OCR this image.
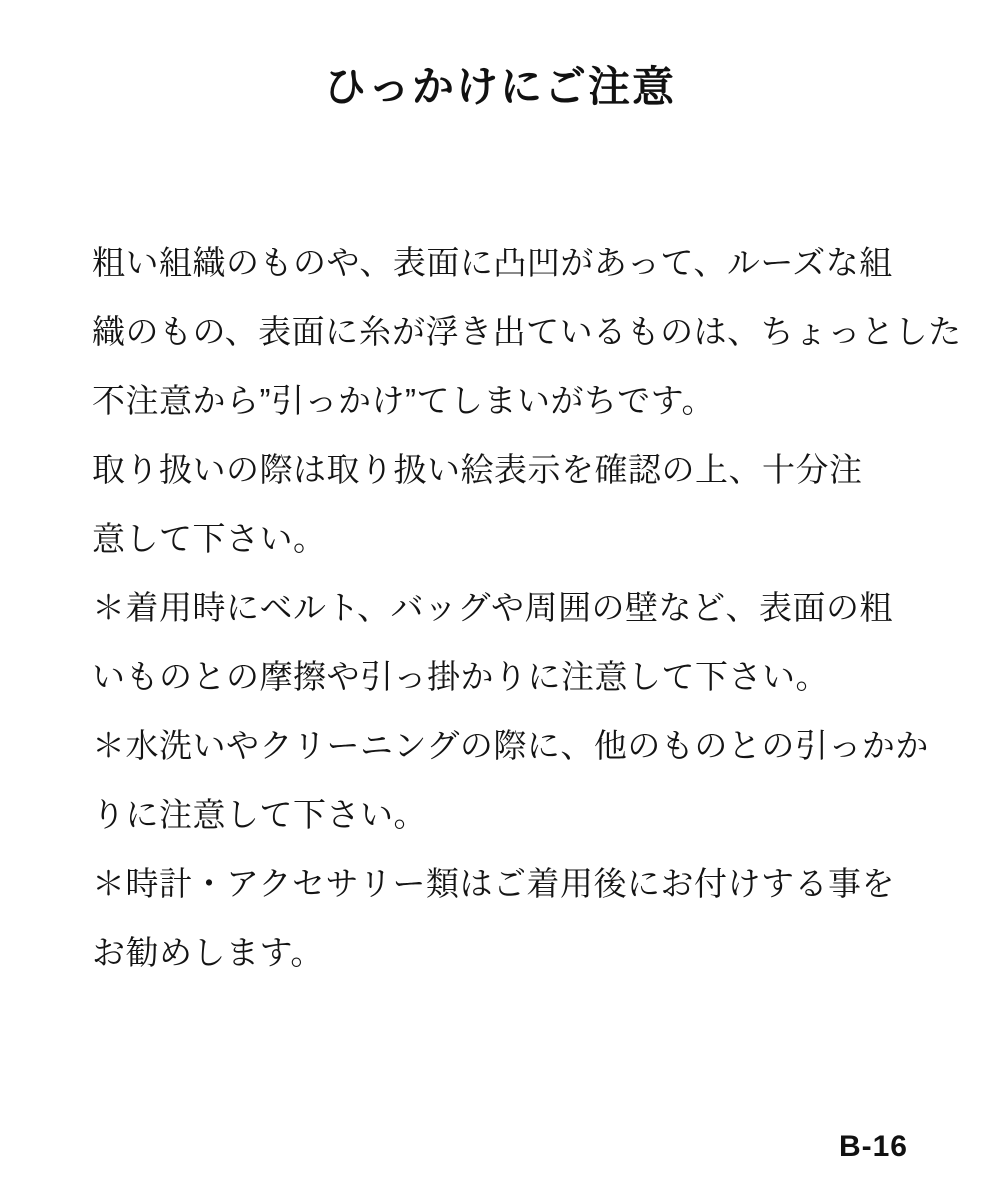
ひっかけにご注意
粗い組織のものや、表面に凸凹があって、ルーズな組
織のもの、表面に糸が浮き出ているものは、ちょっとした
不注意から”引っかけ”てしまいがちです。
取り扱いの際は取り扱い絵表示を確認の上、十分注
意して下さい。
＊着用時にベルト、バッグや周囲の壁など、表面の粗
いものとの摩擦や引っ掛かりに注意して下さい。
＊水洗いやクリーニングの際に、他のものとの引っかか
りに注意して下さい。
＊時計・アクセサリー類はご着用後にお付けする事を
お勧めします。
B-16
